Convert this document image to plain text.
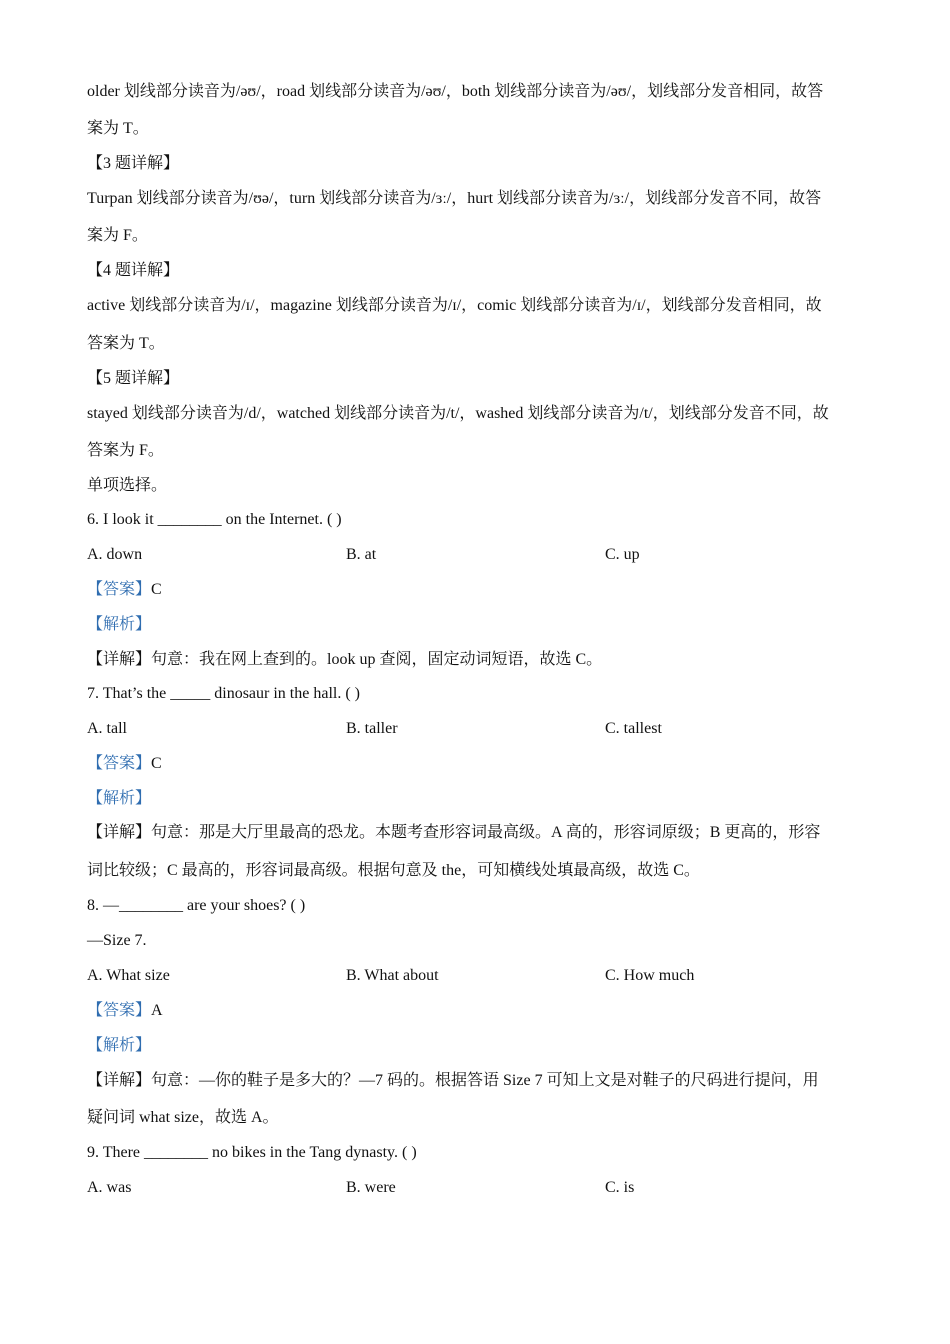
older 划线部分读音为/əʊ/，road 划线部分读音为/əʊ/，both 划线部分读音为/əʊ/，划线部分发音相同，故答
案为 T。
【3 题详解】
Turpan 划线部分读音为/ʊə/，turn 划线部分读音为/ɜː/，hurt 划线部分读音为/ɜː/，划线部分发音不同，故答
案为 F。
【4 题详解】
active 划线部分读音为/ɪ/，magazine 划线部分读音为/ɪ/，comic 划线部分读音为/ɪ/，划线部分发音相同，故
答案为 T。
【5 题详解】
stayed 划线部分读音为/d/，watched 划线部分读音为/t/，washed 划线部分读音为/t/，划线部分发音不同，故
答案为 F。
单项选择。
6. I look it ________ on the Internet. ( )
A. down	B. at	C. up
【答案】C
【解析】
【详解】句意：我在网上查到的。look up 查阅，固定动词短语，故选 C。
7. That’s the _____ dinosaur in the hall. ( )
A. tall	B. taller	C. tallest
【答案】C
【解析】
【详解】句意：那是大厅里最高的恐龙。本题考查形容词最高级。A 高的，形容词原级；B 更高的，形容
词比较级；C 最高的，形容词最高级。根据句意及 the，可知横线处填最高级，故选 C。
8. —________ are your shoes? ( )
—Size 7.
A. What size	B. What about	C. How much
【答案】A
【解析】
【详解】句意：—你的鞋子是多大的？—7 码的。根据答语 Size 7 可知上文是对鞋子的尺码进行提问，用
疑问词 what size，故选 A。
9. There ________ no bikes in the Tang dynasty. ( )
A. was	B. were	C. is
